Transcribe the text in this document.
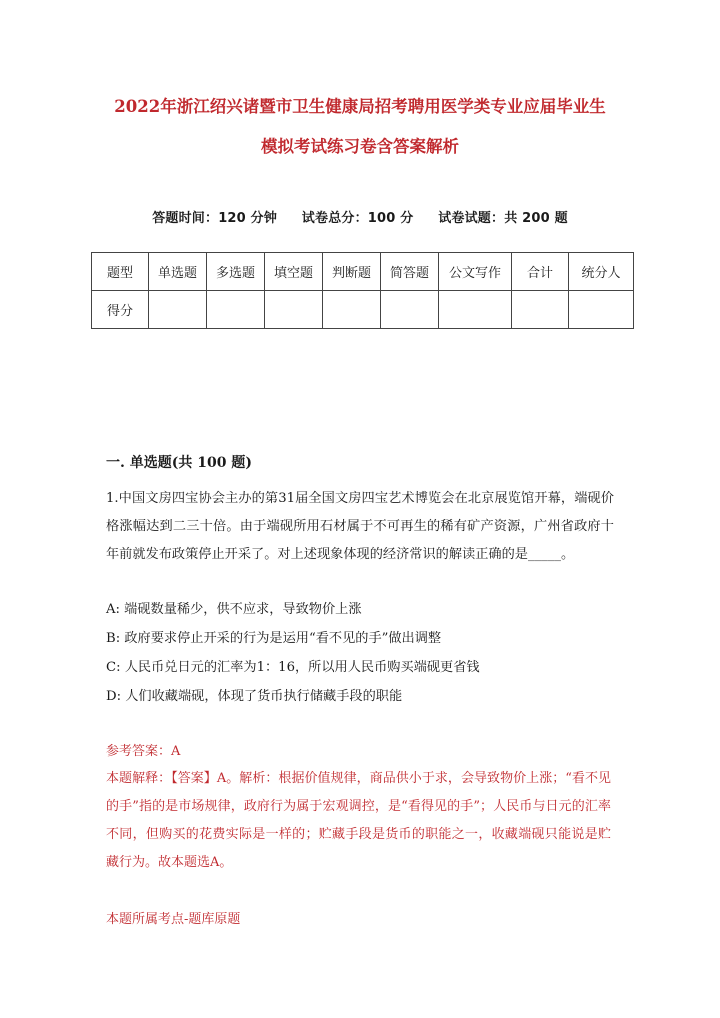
2022年浙江绍兴诸暨市卫生健康局招考聘用医学类专业应届毕业生
模拟考试练习卷含答案解析
答题时间：120 分钟 试卷总分：100 分 试卷试题：共 200 题
题型	单选题	多选题	填空题	判断题	简答题	公文写作	合计	统分人
得分								
一. 单选题(共 100 题)
1.中国文房四宝协会主办的第31届全国文房四宝艺术博览会在北京展览馆开幕，端砚价格涨幅达到二三十倍。由于端砚所用石材属于不可再生的稀有矿产资源，广州省政府十年前就发布政策停止开采了。对上述现象体现的经济常识的解读正确的是_____。
A: 端砚数量稀少，供不应求，导致物价上涨
B: 政府要求停止开采的行为是运用“看不见的手”做出调整
C: 人民币兑日元的汇率为1：16，所以用人民币购买端砚更省钱
D: 人们收藏端砚，体现了货币执行储藏手段的职能
参考答案：A
本题解释：【答案】A。解析：根据价值规律，商品供小于求，会导致物价上涨；“看不见的手”指的是市场规律，政府行为属于宏观调控，是“看得见的手”；人民币与日元的汇率不同，但购买的花费实际是一样的；贮藏手段是货币的职能之一，收藏端砚只能说是贮藏行为。故本题选A。
本题所属考点-题库原题
